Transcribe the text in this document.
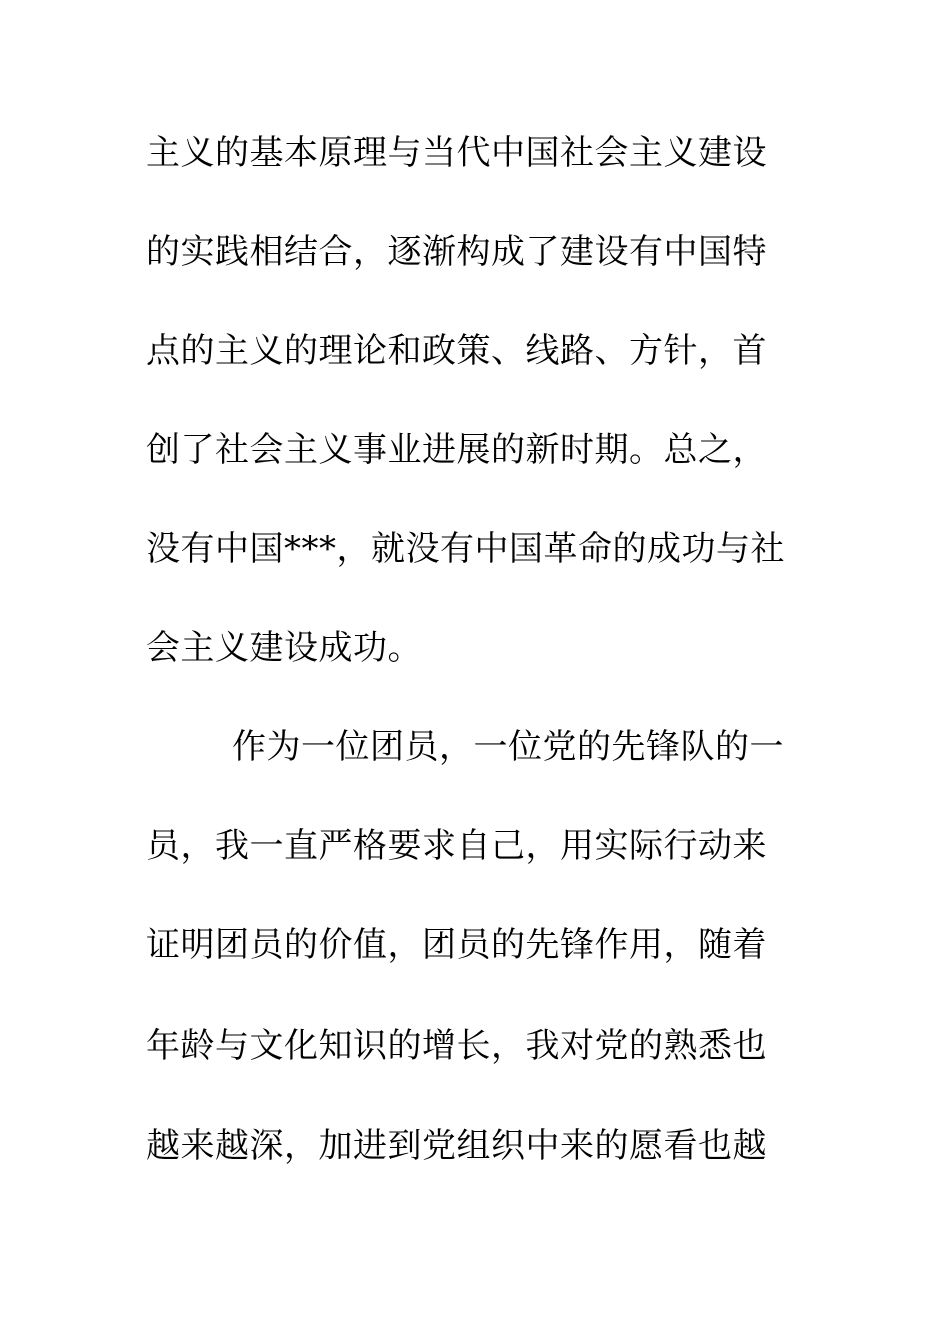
主义的基本原理与当代中国社会主义建设
的实践相结合，逐渐构成了建设有中国特
点的主义的理论和政策、线路、方针，首
创了社会主义事业进展的新时期。总之，
没有中国***，就没有中国革命的成功与社
会主义建设成功。
作为一位团员，一位党的先锋队的一
员，我一直严格要求自己，用实际行动来
证明团员的价值，团员的先锋作用，随着
年龄与文化知识的增长，我对党的熟悉也
越来越深，加进到党组织中来的愿看也越
